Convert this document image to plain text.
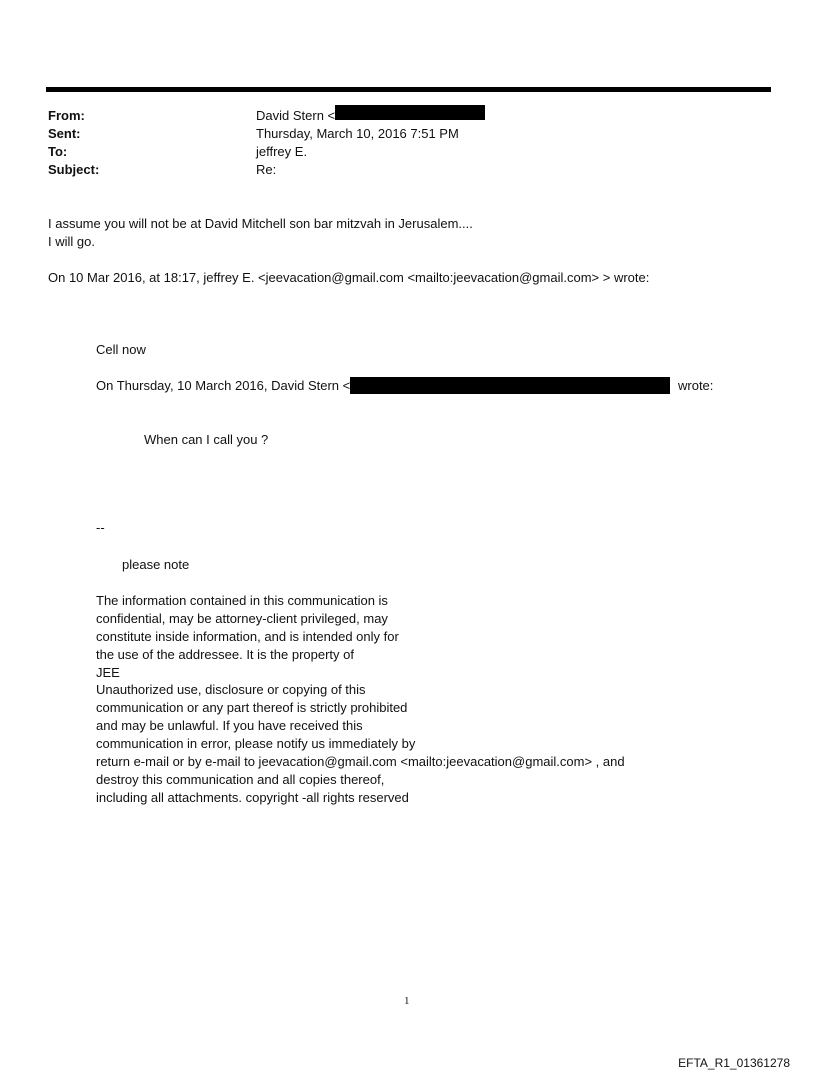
From:	David Stern <
Sent:	Thursday, March 10, 2016 7:51 PM
To:	jeffrey E.
Subject:	Re:
I assume you will not be at David Mitchell son bar mitzvah in Jerusalem....
I will go.
On 10 Mar 2016, at 18:17, jeffrey E. <jeevacation@gmail.com <mailto:jeevacation@gmail.com> > wrote:
Cell now
On Thursday, 10 March 2016, David Stern <	wrote:
When can I call you ?
--
please note
The information contained in this communication is
confidential, may be attorney-client privileged, may
constitute inside information, and is intended only for
the use of the addressee. It is the property of
JEE
Unauthorized use, disclosure or copying of this
communication or any part thereof is strictly prohibited
and may be unlawful. If you have received this
communication in error, please notify us immediately by
return e-mail or by e-mail to jeevacation@gmail.com <mailto:jeevacation@gmail.com> , and
destroy this communication and all copies thereof,
including all attachments. copyright -all rights reserved
1
EFTA_R1_01361278
